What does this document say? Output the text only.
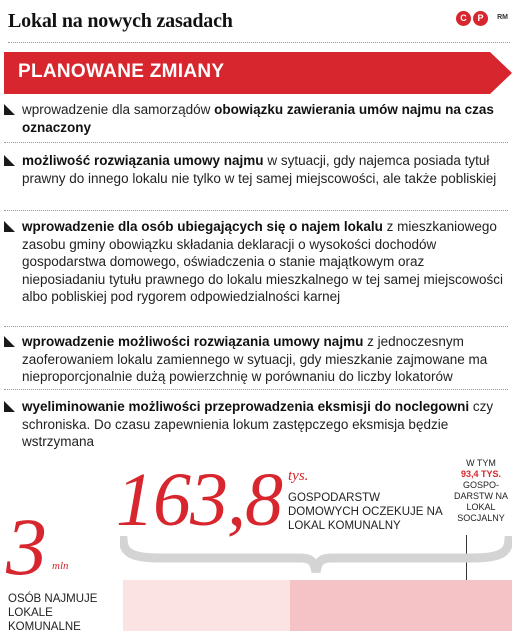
Lokal na nowych zasadach	C	P	RM
PLANOWANE ZMIANY
wprowadzenie dla samorządów obowiązku zawierania umów najmu na czas oznaczony
możliwość rozwiązania umowy najmu w sytuacji, gdy najemca posiada tytuł prawny do innego lokalu nie tylko w tej samej miejscowości, ale także pobliskiej
wprowadzenie dla osób ubiegających się o najem lokalu z mieszkaniowego zasobu gminy obowiązku składania deklaracji o wysokości dochodów gospodarstwa domowego, oświadczenia o stanie majątkowym oraz nieposiadaniu tytułu prawnego do lokalu mieszkalnego w tej samej miejscowości albo pobliskiej pod rygorem odpowiedzialności karnej
wprowadzenie możliwości rozwiązania umowy najmu z jednoczesnym zaoferowaniem lokalu zamiennego w sytuacji, gdy mieszkanie zajmowane ma nieproporcjonalnie dużą powierzchnię w porównaniu do liczby lokatorów
wyeliminowanie możliwości przeprowadzenia eksmisji do noclegowni czy schroniska. Do czasu zapewnienia lokum zastępczego eksmisja będzie wstrzymana
163,8 tys.
GOSPODARSTW DOMOWYCH OCZEKUJE NA LOKAL KOMUNALNY
3 mln
OSÓB NAJMUJE LOKALE KOMUNALNE
W TYM
93,4 TYS.
GOSPO-DARSTW NA LOKAL SOCJALNY
